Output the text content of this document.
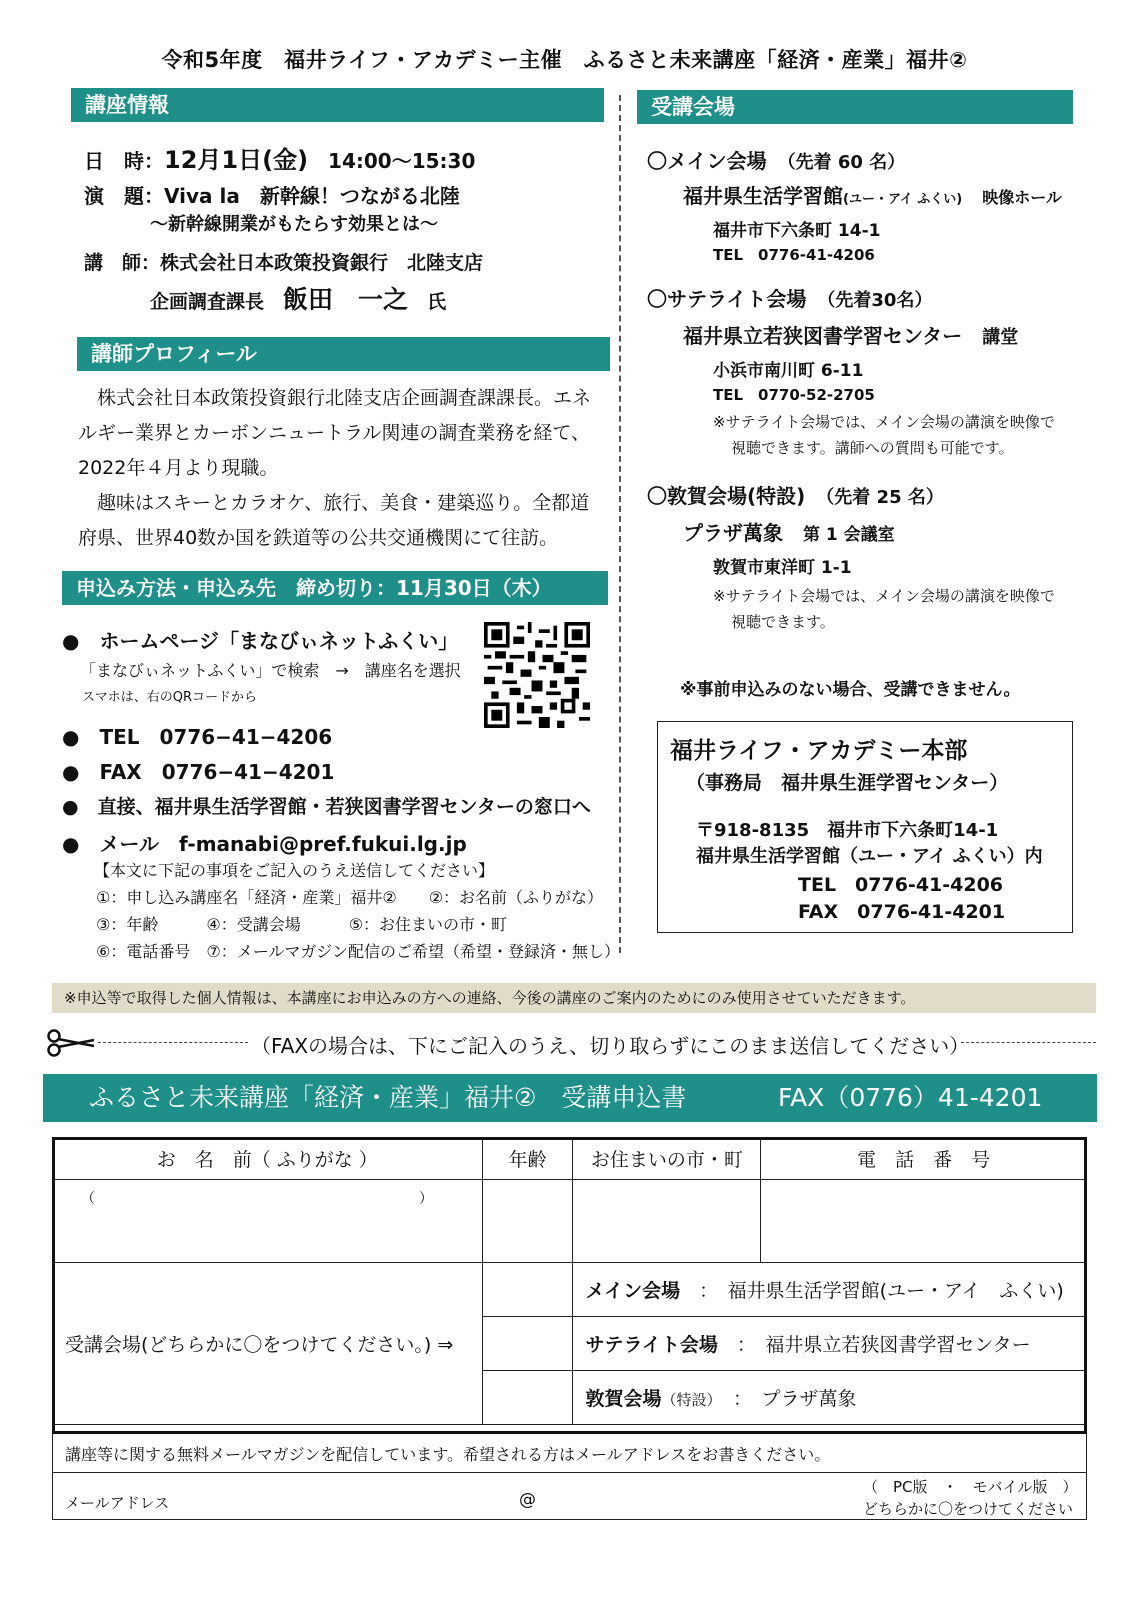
令和5年度　福井ライフ・アカデミー主催　ふるさと未来講座「経済・産業」福井②
講座情報
日　時：12月1日(金)　 14:00～15:30
演　題：Viva la　新幹線！つながる北陸
～新幹線開業がもたらす効果とは～
講　師：株式会社日本政策投資銀行　北陸支店
企画調査課長　 飯田　一之　 氏
講師プロフィール
株式会社日本政策投資銀行北陸支店企画調査課課長。エネルギー業界とカーボンニュートラル関連の調査業務を経て、2022年４月より現職。
趣味はスキーとカラオケ、旅行、美食・建築巡り。全都道府県、世界40数か国を鉄道等の公共交通機関にて往訪。
申込み方法・申込み先　締め切り：11月30日（木）
●　ホームページ「まなびぃネットふくい」
「まなびぃネットふくい」で検索　→　講座名を選択
スマホは、右のQRコードから
●　TEL　0776−41−4206
●　FAX　0776−41−4201
●　直接、福井県生活学習館・若狭図書学習センターの窓口へ
●　メール　f-manabi@pref.fukui.lg.jp
【本文に下記の事項をご記入のうえ送信してください】
①：申し込み講座名「経済・産業」福井②　　②：お名前（ふりがな）
③：年齢　　　④：受講会場　　　⑤：お住まいの市・町
⑥：電話番号　⑦：メールマガジン配信のご希望（希望・登録済・無し）
受講会場
〇メイン会場　 （先着 60 名）
福井県生活学習館(ユー・アイ ふくい)　 映像ホール
福井市下六条町 14-1
TEL　0776-41-4206
〇サテライト会場　 （先着30名）
福井県立若狭図書学習センター　 講堂
小浜市南川町 6-11
TEL　0770-52-2705
※サテライト会場では、メイン会場の講演を映像で
視聴できます。講師への質問も可能です。
〇敦賀会場(特設)　 （先着 25 名）
プラザ萬象　 第 1 会議室
敦賀市東洋町 1-1
※サテライト会場では、メイン会場の講演を映像で
視聴できます。
※事前申込みのない場合、受講できません。
福井ライフ・アカデミー本部
（事務局　福井県生涯学習センター）
〒918-8135　福井市下六条町14-1
福井県生活学習館（ユー・アイ ふくい）内
TEL　0776-41-4206
FAX　0776-41-4201
※申込等で取得した個人情報は、本講座にお申込みの方への連絡、今後の講座のご案内のためにのみ使用させていただきます。
（FAXの場合は、下にご記入のうえ、切り取らずにこのまま送信してください）
ふるさと未来講座「経済・産業」福井②　受講申込書	FAX（0776）41-4201
お　名　前（ ふりがな ）	年齢	お住まいの市・町	電　話　番　号

（ ）			

受講会場(どちらかに〇をつけてください。) ⇒		メイン会場　 ：　福井県生活学習館(ユー・アイ　ふくい)	
		サテライト会場　 ：　福井県立若狭図書学習センター	
		敦賀会場（特設）　 ：　プラザ萬象	
講座等に関する無料メールマガジンを配信しています。希望される方はメールアドレスをお書きください。
メールアドレス	@
（　PC版　・　モバイル版　）
どちらかに〇をつけてください
